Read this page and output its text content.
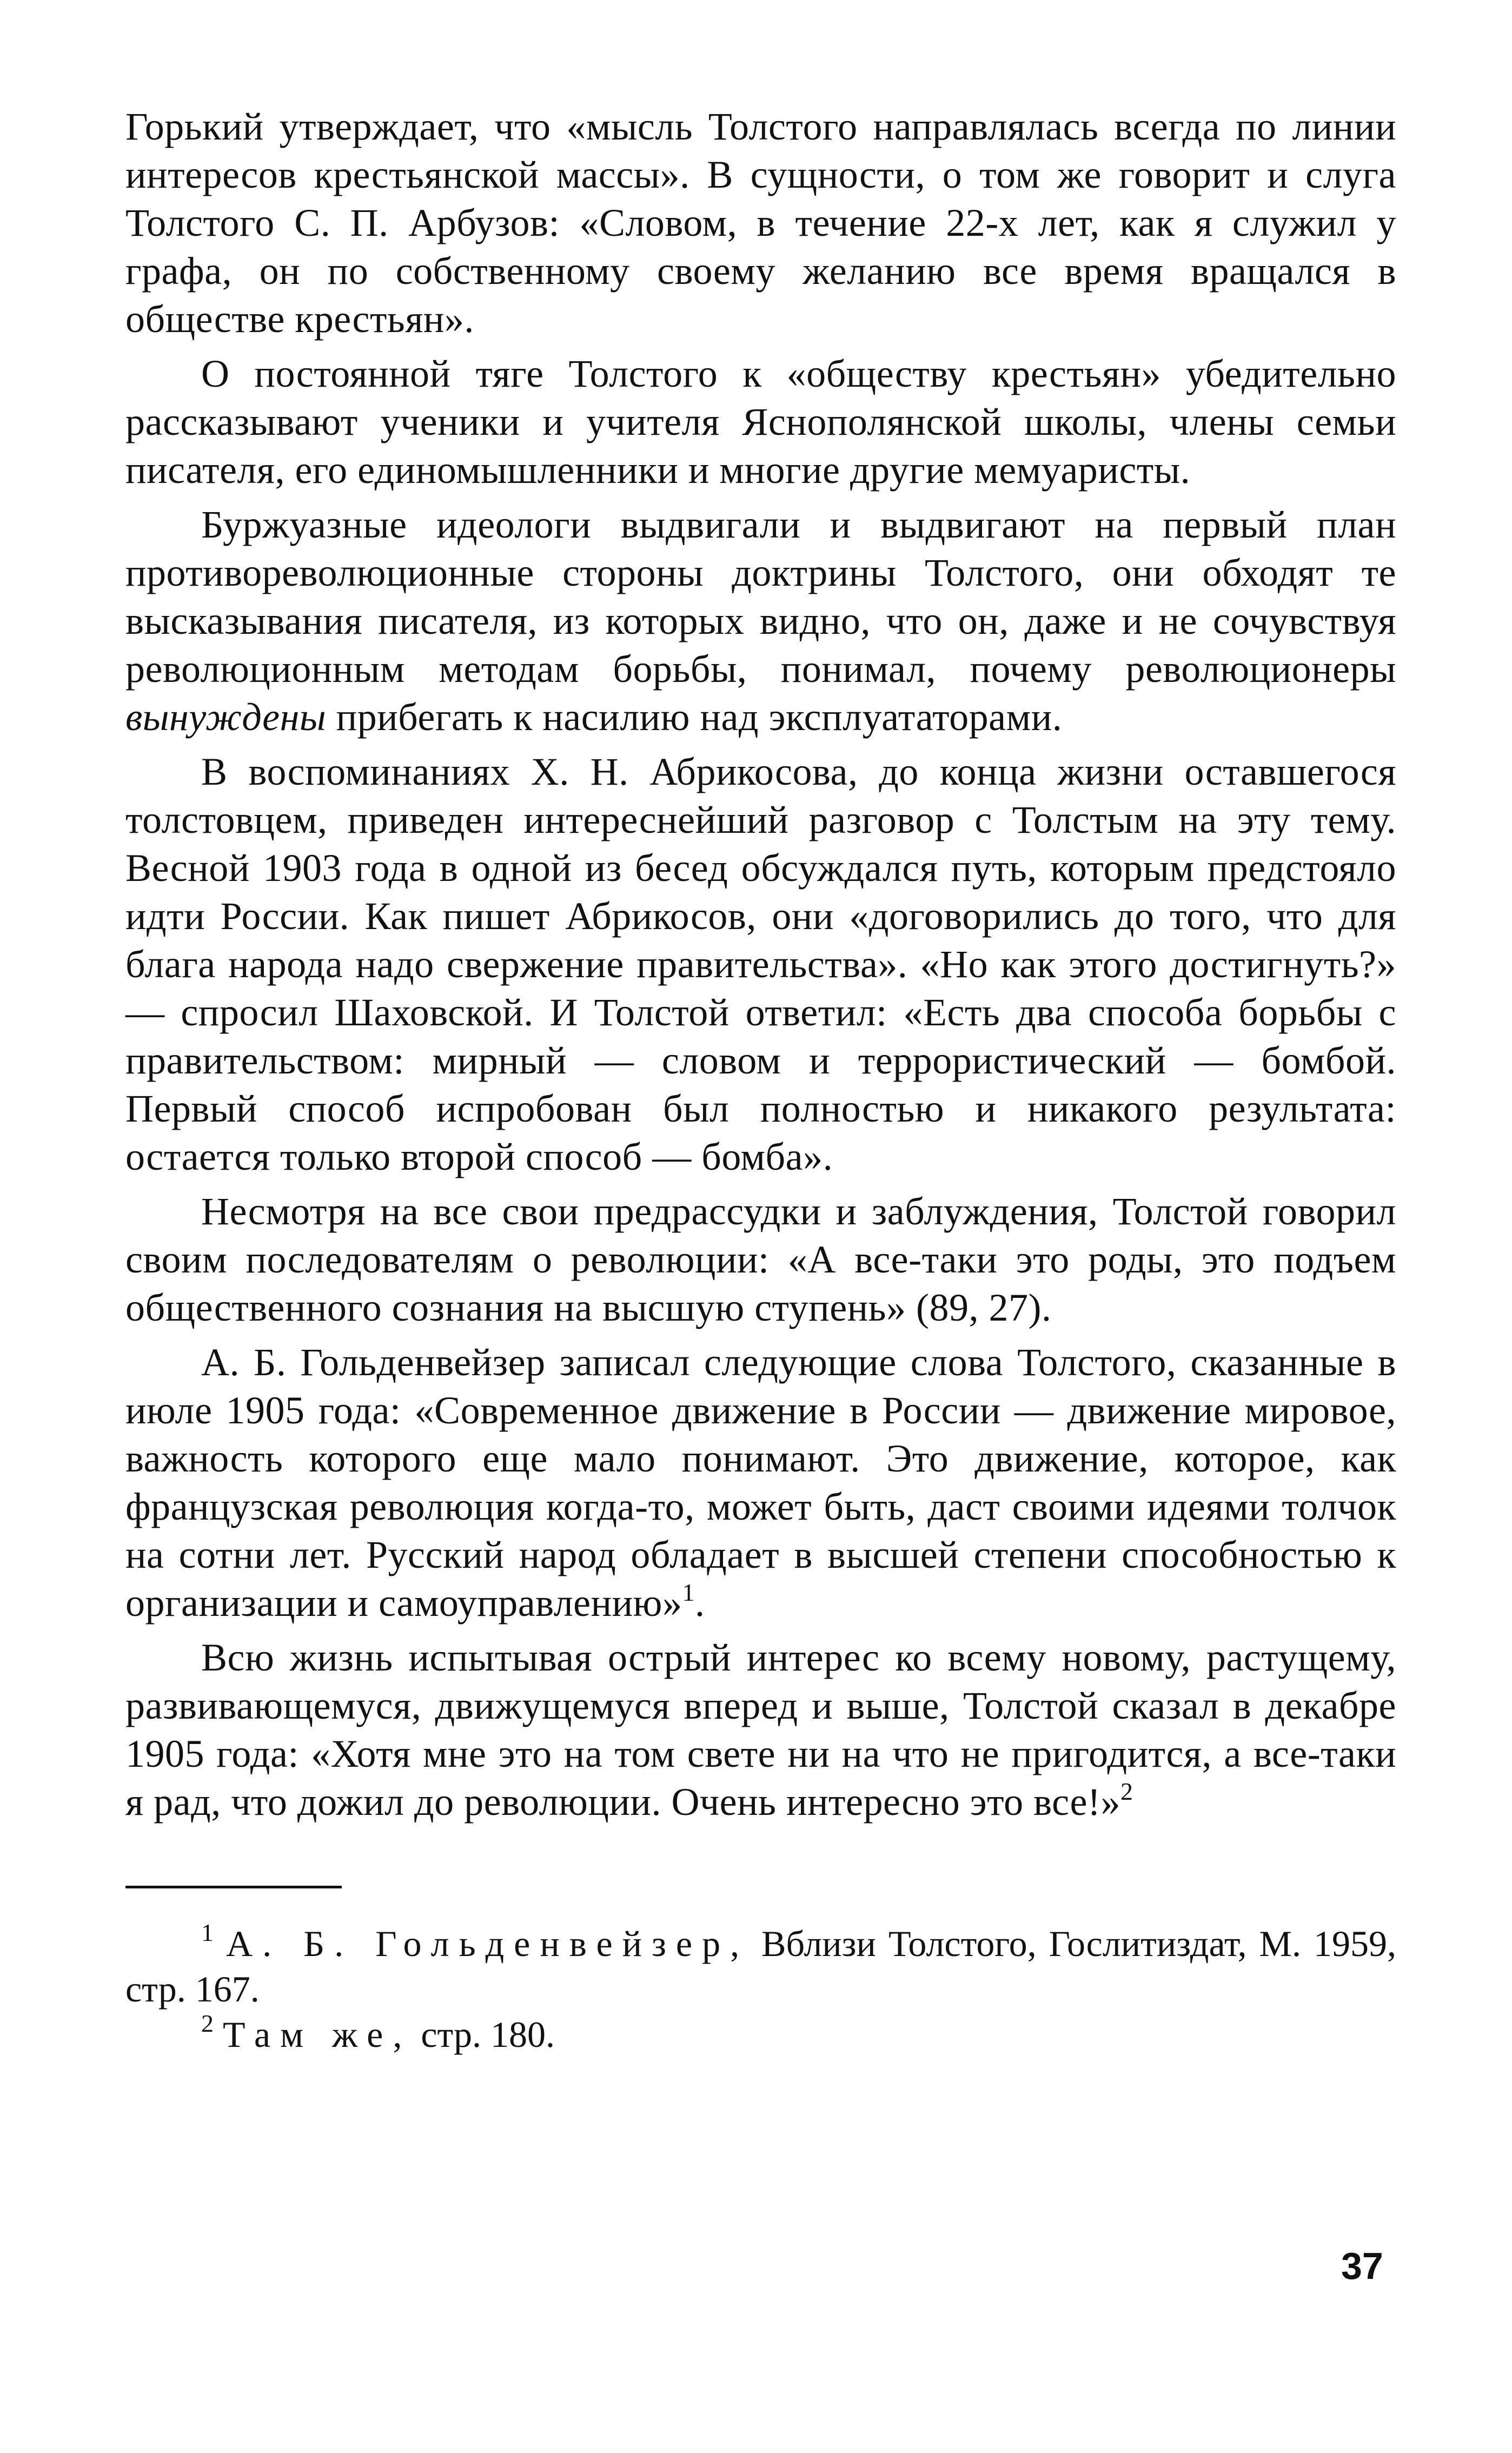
Горький утверждает, что «мысль Толстого направлялась всегда по линии интересов крестьянской массы». В сущности, о том же говорит и слуга Толстого С. П. Арбузов: «Словом, в течение 22-х лет, как я служил у графа, он по собственному своему желанию все время вращался в обществе крестьян».

О постоянной тяге Толстого к «обществу крестьян» убедительно рассказывают ученики и учителя Яснополянской школы, члены семьи писателя, его единомышленники и многие другие мемуаристы.

Буржуазные идеологи выдвигали и выдвигают на первый план противореволюционные стороны доктрины Толстого, они обходят те высказывания писателя, из которых видно, что он, даже и не сочувствуя революционным методам борьбы, понимал, почему революционеры вынуждены прибегать к насилию над эксплуататорами.

В воспоминаниях Х. Н. Абрикосова, до конца жизни оставшегося толстовцем, приведен интереснейший разговор с Толстым на эту тему. Весной 1903 года в одной из бесед обсуждался путь, которым предстояло идти России. Как пишет Абрикосов, они «договорились до того, что для блага народа надо свержение правительства». «Но как этого достигнуть?» — спросил Шаховской. И Толстой ответил: «Есть два способа борьбы с правительством: мирный — словом и террористический — бомбой. Первый способ испробован был полностью и никакого результата: остается только второй способ — бомба».

Несмотря на все свои предрассудки и заблуждения, Толстой говорил своим последователям о революции: «А все-таки это роды, это подъем общественного сознания на высшую ступень» (89, 27).

А. Б. Гольденвейзер записал следующие слова Толстого, сказанные в июле 1905 года: «Современное движение в России — движение мировое, важность которого еще мало понимают. Это движение, которое, как французская революция когда-то, может быть, даст своими идеями толчок на сотни лет. Русский народ обладает в высшей степени способностью к организации и самоуправлению»$^1$.

Всю жизнь испытывая острый интерес ко всему новому, растущему, развивающемуся, движущемуся вперед и выше, Толстой сказал в декабре 1905 года: «Хотя мне это на том свете ни на что не пригодится, а все-таки я рад, что дожил до революции. Очень интересно это все!»$^2$

$^1$ А. Б. Гольденвейзер, Вблизи Толстого, Гослитиздат, М. 1959, стр. 167.

$^2$ Там же, стр. 180.

37
